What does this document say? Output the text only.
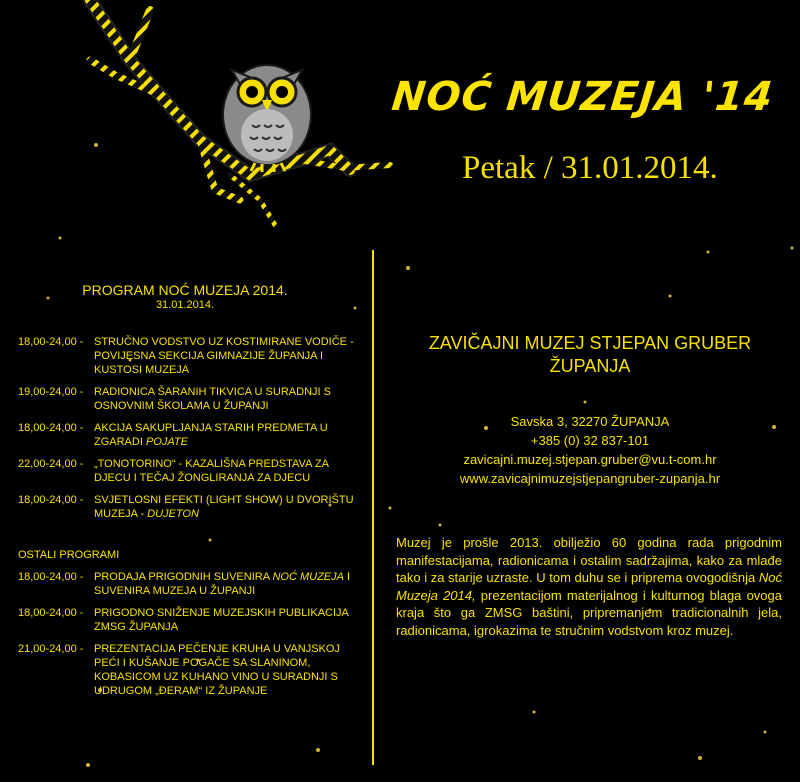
NOĆ MUZEJA '14
Petak / 31.01.2014.
PROGRAM NOĆ MUZEJA 2014.
31.01.2014.
18,00-24,00 - STRUČNO VODSTVO UZ KOSTIMIRANE VODIČE - POVIJESNA SEKCIJA GIMNAZIJE ŽUPANJA I KUSTOSI MUZEJA
19,00-24,00 - RADIONICA ŠARANIH TIKVICA U SURADNJI S OSNOVNIM ŠKOLAMA U ŽUPANJI
18,00-24,00 - AKCIJA SAKUPLJANJA STARIH PREDMETA U ZGARADI POJATE
22,00-24,00 - „TONOTORINO“ - KAZALIŠNA PREDSTAVA ZA DJECU I TEČAJ ŽONGLIRANJA ZA DJECU
18,00-24,00 - SVJETLOSNI EFEKTI (LIGHT SHOW) U DVORIŠTU MUZEJA - DUJETON
OSTALI PROGRAMI
18,00-24,00 - PRODAJA PRIGODNIH SUVENIRA NOĆ MUZEJA I SUVENIRA MUZEJA U ŽUPANJI
18,00-24,00 - PRIGODNO SNIŽENJE MUZEJSKIH PUBLIKACIJA ZMSG ŽUPANJA
21,00-24,00 - PREZENTACIJA PEČENJE KRUHA U VANJSKOJ PEĆI I KUŠANJE POGAČE SA SLANINOM, KOBASICOM UZ KUHANO VINO U SURADNJI S UDRUGOM „ĐERAM“ IZ ŽUPANJE
ZAVIČAJNI MUZEJ STJEPAN GRUBER
ŽUPANJA
Savska 3, 32270 ŽUPANJA
+385 (0) 32 837-101
zavicajni.muzej.stjepan.gruber@vu.t-com.hr
www.zavicajnimuzejstjepangruber-zupanja.hr
Muzej je prošle 2013. obilježio 60 godina rada prigodnim manifestacijama, radionicama i ostalim sadržajima, kako za mlađe tako i za starije uzraste. U tom duhu se i priprema ovogodišnja Noć Muzeja 2014, prezentacijom materijalnog i kulturnog blaga ovoga kraja što ga ZMSG baštini, pripremanjem tradicionalnih jela, radionicama, igrokazima te stručnim vodstvom kroz muzej.
